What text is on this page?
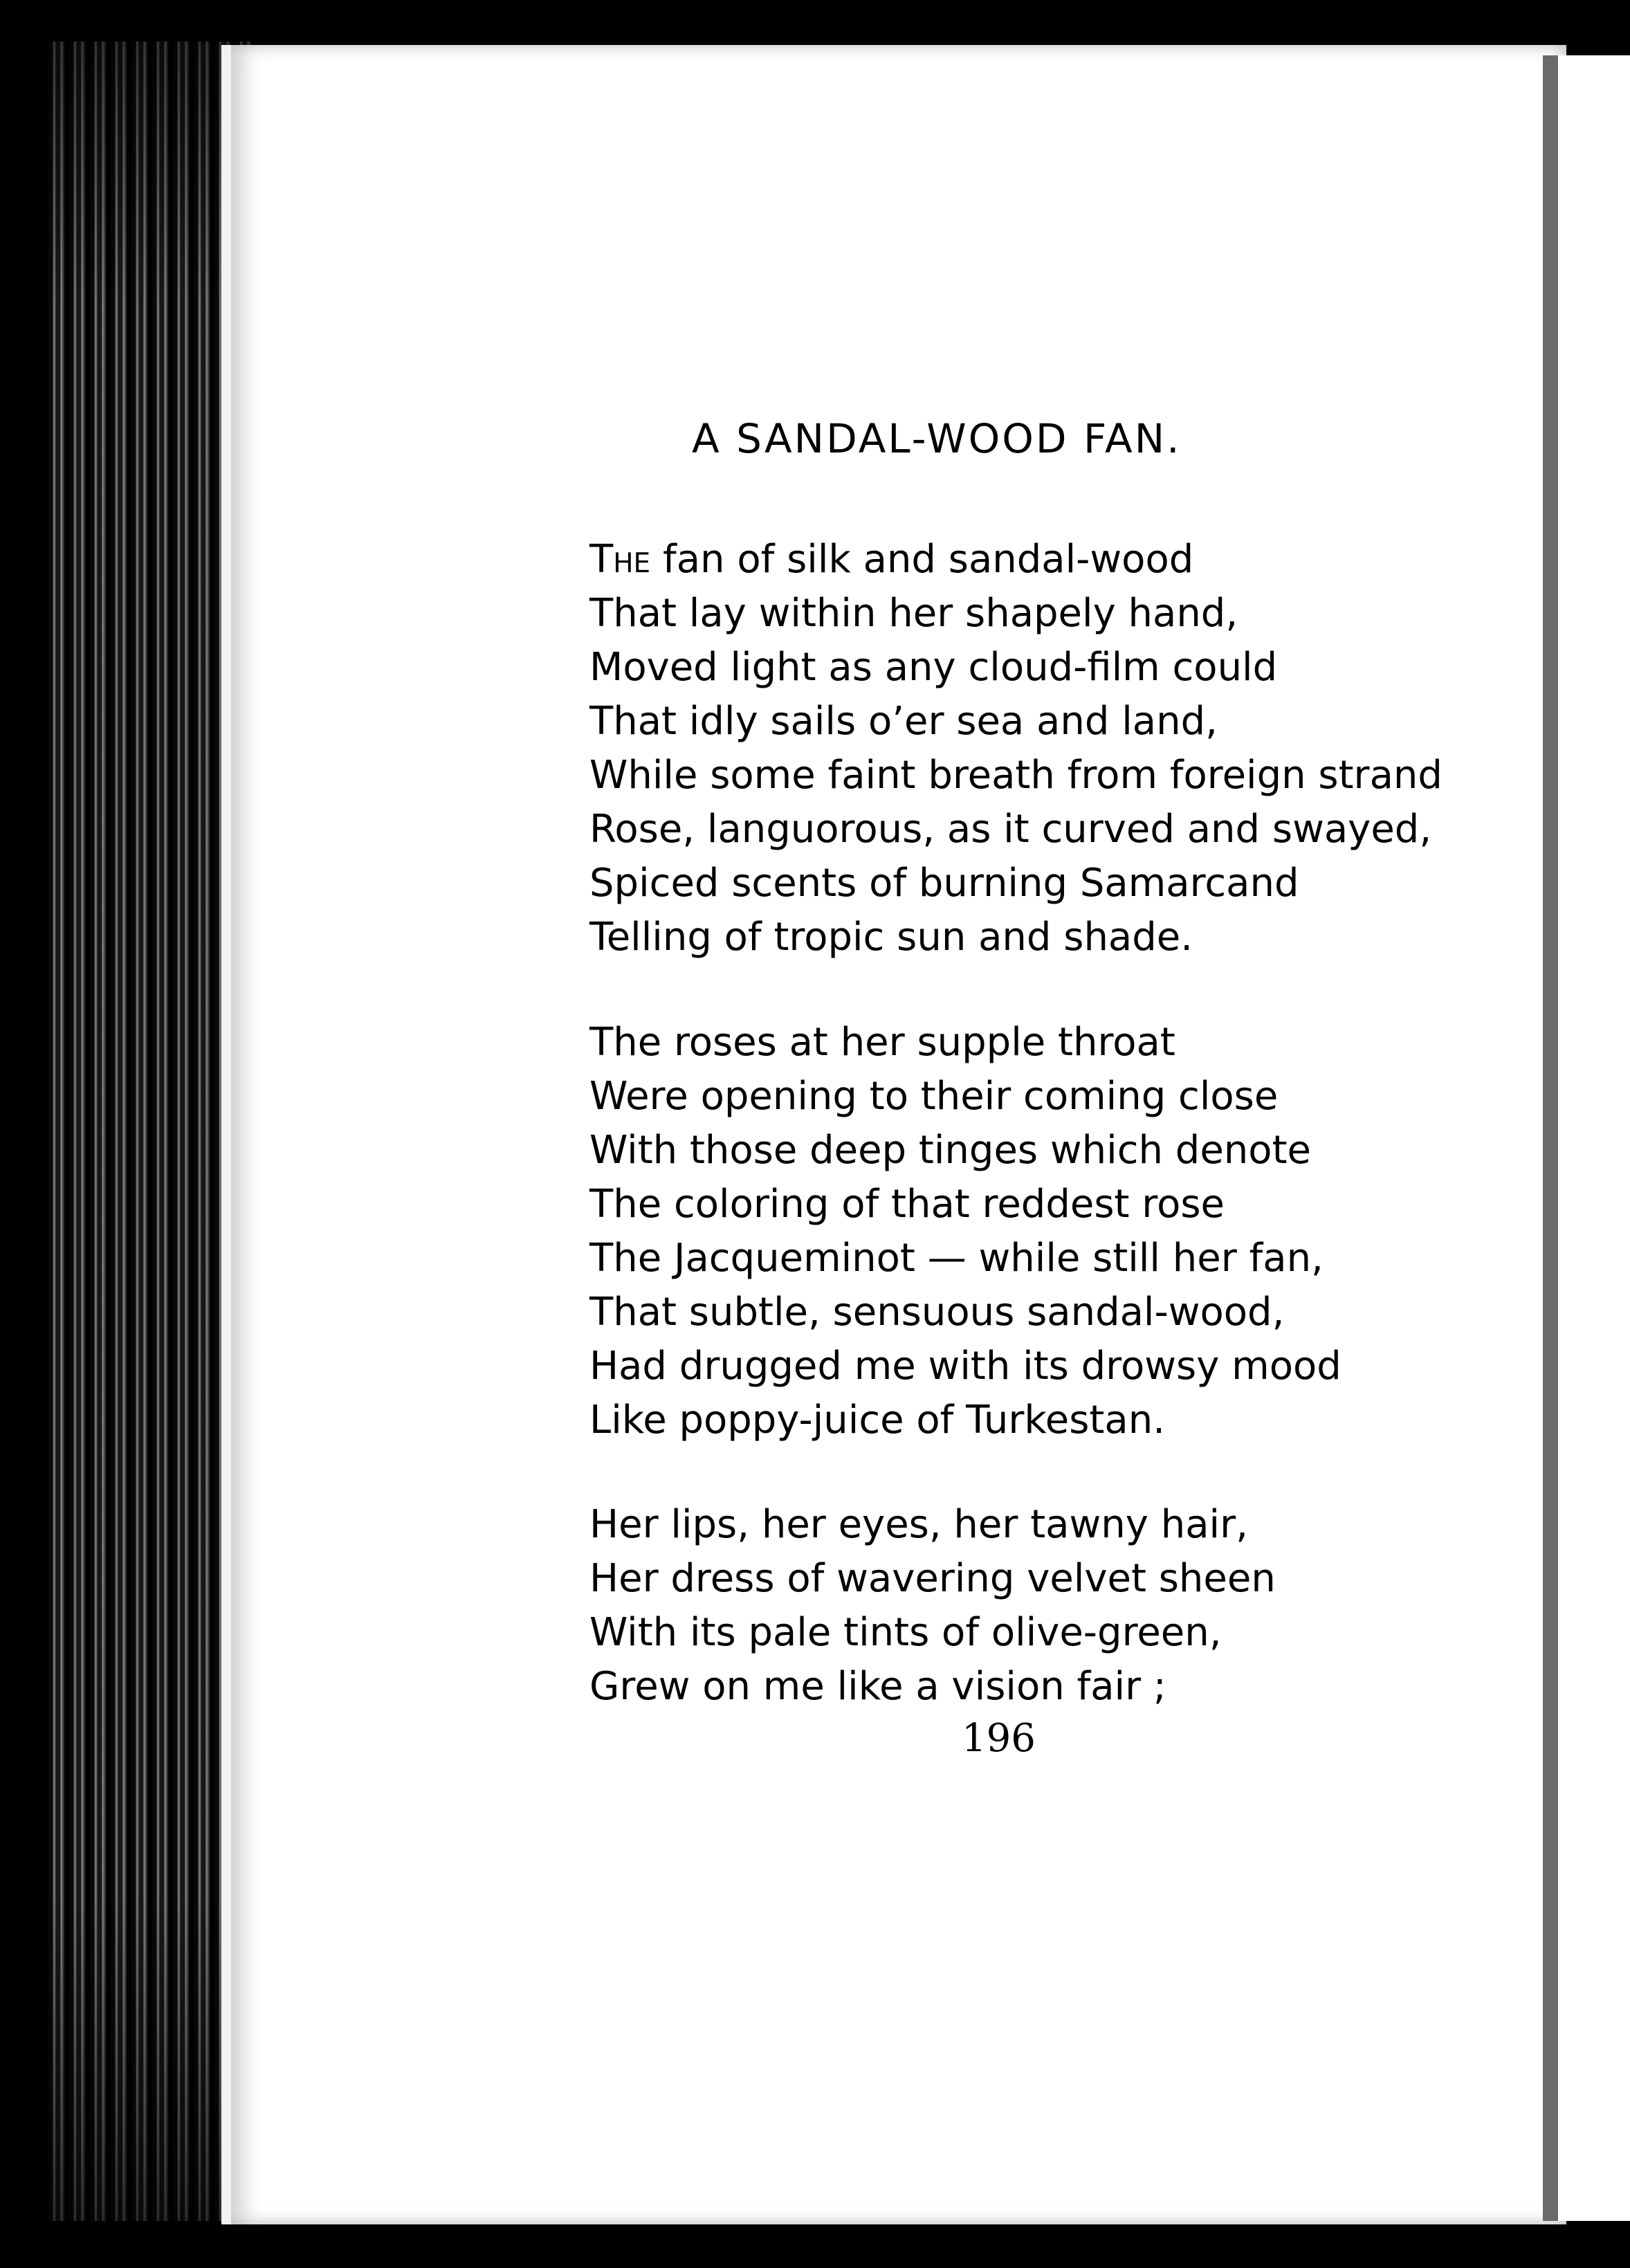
A SANDAL-WOOD FAN.
The fan of silk and sandal-wood
That lay within her shapely hand,
Moved light as any cloud-film could
That idly sails o’er sea and land,
While some faint breath from foreign strand
Rose, languorous, as it curved and swayed,
Spiced scents of burning Samarcand
Telling of tropic sun and shade.
The roses at her supple throat
Were opening to their coming close
With those deep tinges which denote
The coloring of that reddest rose
The Jacqueminot — while still her fan,
That subtle, sensuous sandal-wood,
Had drugged me with its drowsy mood
Like poppy-juice of Turkestan.
Her lips, her eyes, her tawny hair,
Her dress of wavering velvet sheen
With its pale tints of olive-green,
Grew on me like a vision fair ;
196
